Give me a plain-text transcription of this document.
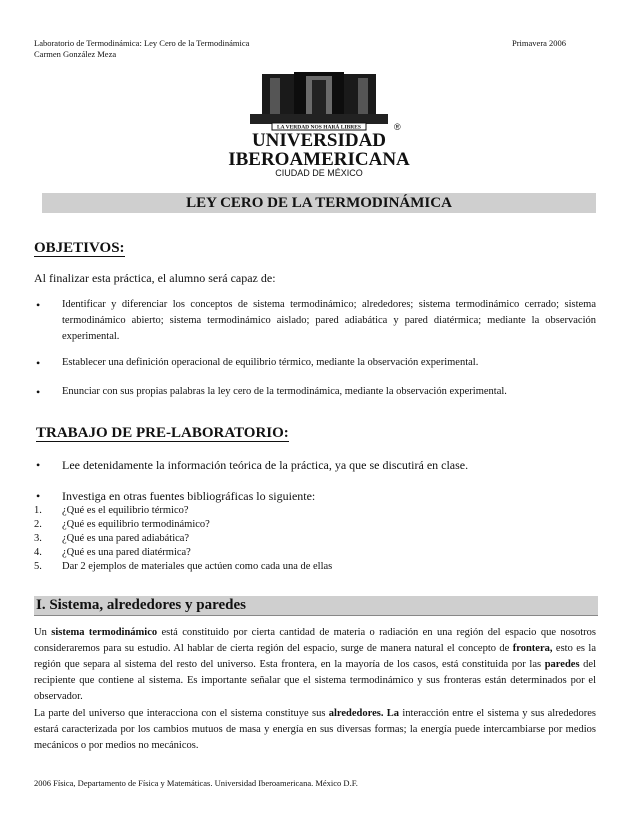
Laboratorio de Termodinámica: Ley Cero de la Termodinámica
Carmen González Meza
Primavera 2006
LA VERDAD NOS HARÁ LIBRES	®
UNIVERSIDAD
IBEROAMERICANA
CIUDAD DE MÉXICO
LEY CERO DE LA TERMODINÁMICA
OBJETIVOS:
Al finalizar esta práctica, el alumno será capaz de:
• Identificar y diferenciar los conceptos de sistema termodinámico; alrededores; sistema termodinámico cerrado; sistema termodinámico abierto; sistema termodinámico aislado; pared adiabática y pared diatérmica; mediante la observación experimental.
• Establecer una definición operacional de equilibrio térmico, mediante la observación experimental.
• Enunciar con sus propias palabras la ley cero de la termodinámica, mediante la observación experimental.
TRABAJO DE PRE-LABORATORIO:
• Lee detenidamente la información teórica de la práctica, ya que se discutirá en clase.
• Investiga en otras fuentes bibliográficas lo siguiente:
1. ¿Qué es el equilibrio térmico?
2. ¿Qué es equilibrio termodinámico?
3. ¿Qué es una pared adiabática?
4. ¿Qué es una pared diatérmica?
5. Dar 2 ejemplos de materiales que actúen como cada una de ellas
I. Sistema, alrededores y paredes
Un sistema termodinámico está constituido por cierta cantidad de materia o radiación en una región del espacio que nosotros consideraremos para su estudio. Al hablar de cierta región del espacio, surge de manera natural el concepto de frontera, esto es la región que separa al sistema del resto del universo. Esta frontera, en la mayoría de los casos, está constituida por las paredes del recipiente que contiene al sistema. Es importante señalar que el sistema termodinámico y sus fronteras están determinados por el observador.
La parte del universo que interacciona con el sistema constituye sus alrededores. La interacción entre el sistema y sus alrededores estará caracterizada por los cambios mutuos de masa y energía en sus diversas formas; la energía puede intercambiarse por medios mecánicos o por medios no mecánicos.
2006 Física, Departamento de Física y Matemáticas. Universidad Iberoamericana. México D.F.
